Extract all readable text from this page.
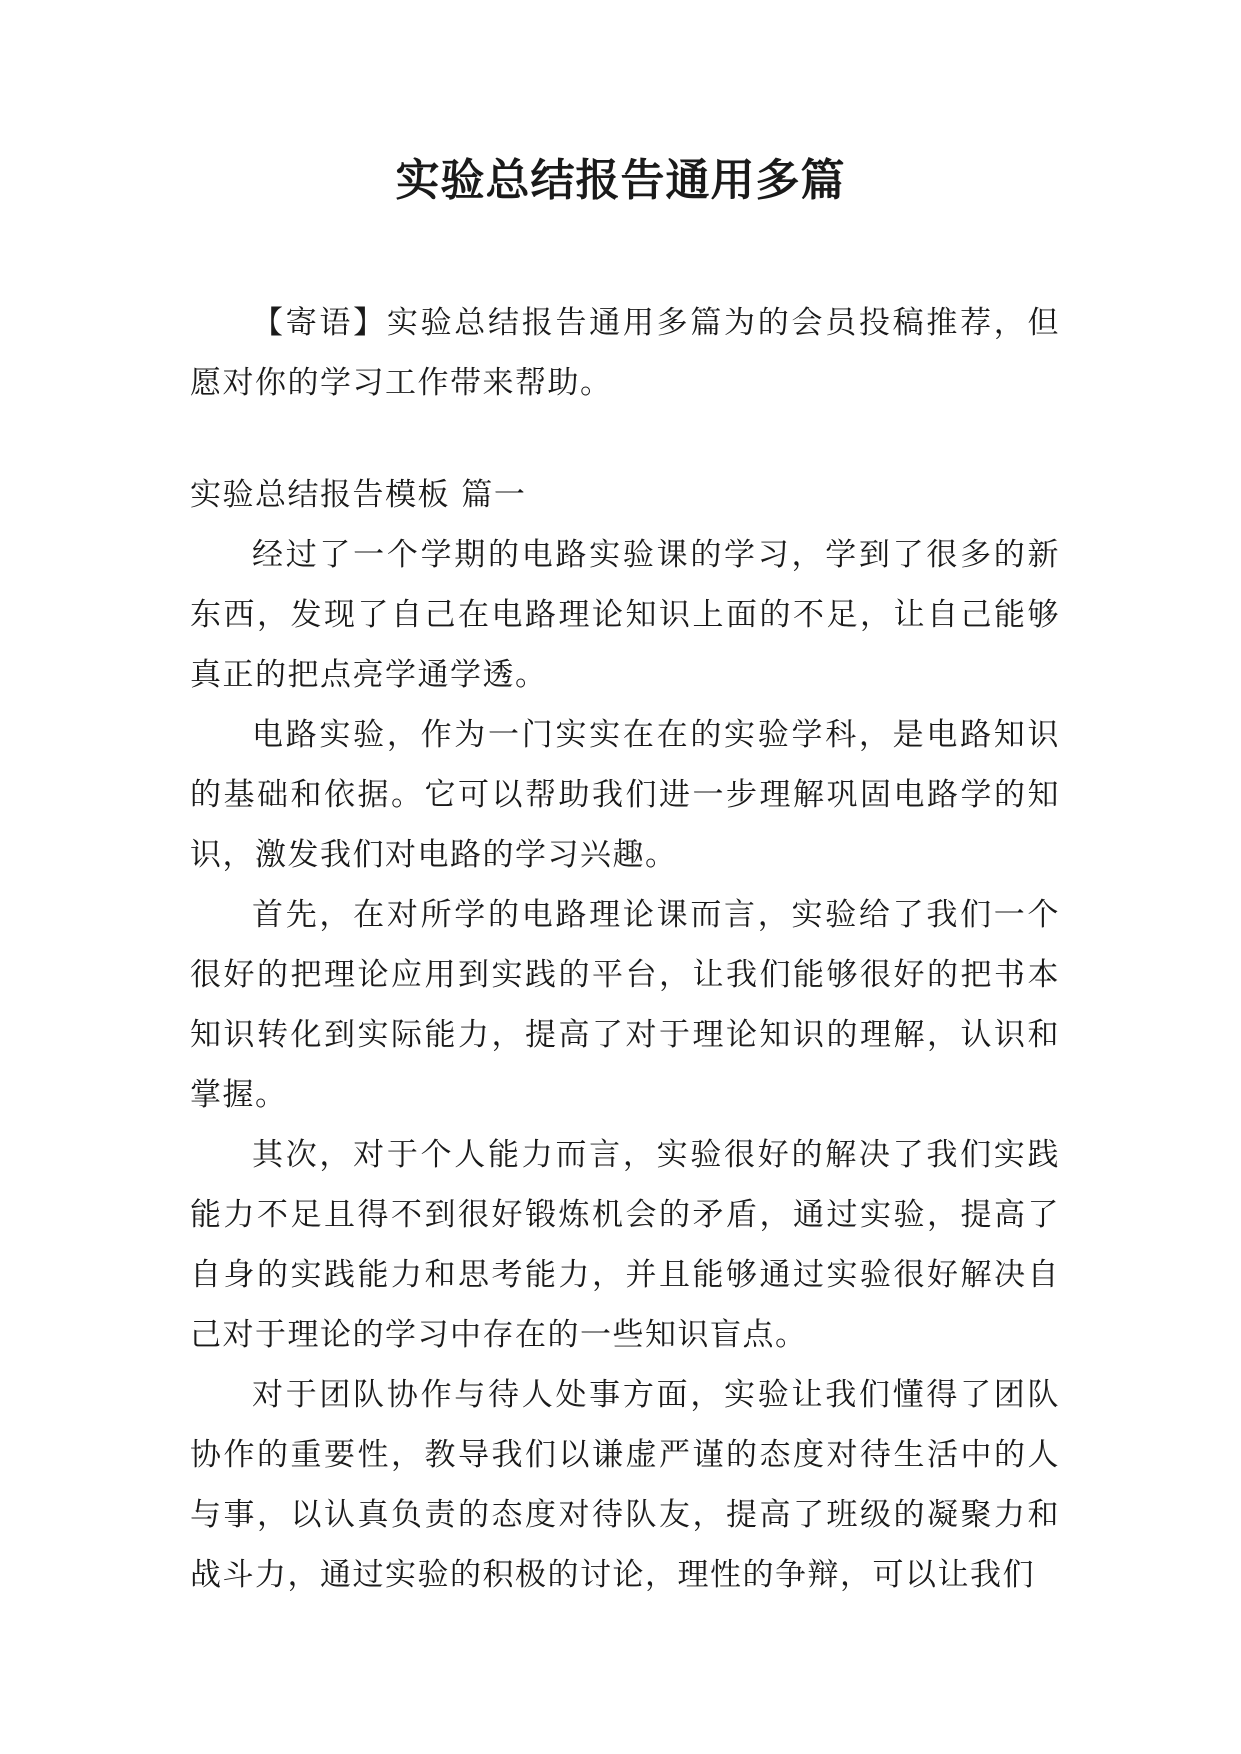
实验总结报告通用多篇

【寄语】实验总结报告通用多篇为的会员投稿推荐，但愿对你的学习工作带来帮助。

实验总结报告模板 篇一

经过了一个学期的电路实验课的学习，学到了很多的新东西，发现了自己在电路理论知识上面的不足，让自己能够真正的把点亮学通学透。

电路实验，作为一门实实在在的实验学科，是电路知识的基础和依据。它可以帮助我们进一步理解巩固电路学的知识，激发我们对电路的学习兴趣。

首先，在对所学的电路理论课而言，实验给了我们一个很好的把理论应用到实践的平台，让我们能够很好的把书本知识转化到实际能力，提高了对于理论知识的理解，认识和掌握。

其次，对于个人能力而言，实验很好的解决了我们实践能力不足且得不到很好锻炼机会的矛盾，通过实验，提高了自身的实践能力和思考能力，并且能够通过实验很好解决自己对于理论的学习中存在的一些知识盲点。

对于团队协作与待人处事方面，实验让我们懂得了团队协作的重要性，教导我们以谦虚严谨的态度对待生活中的人与事，以认真负责的态度对待队友，提高了班级的凝聚力和战斗力，通过实验的积极的讨论，理性的争辩，可以让我们
